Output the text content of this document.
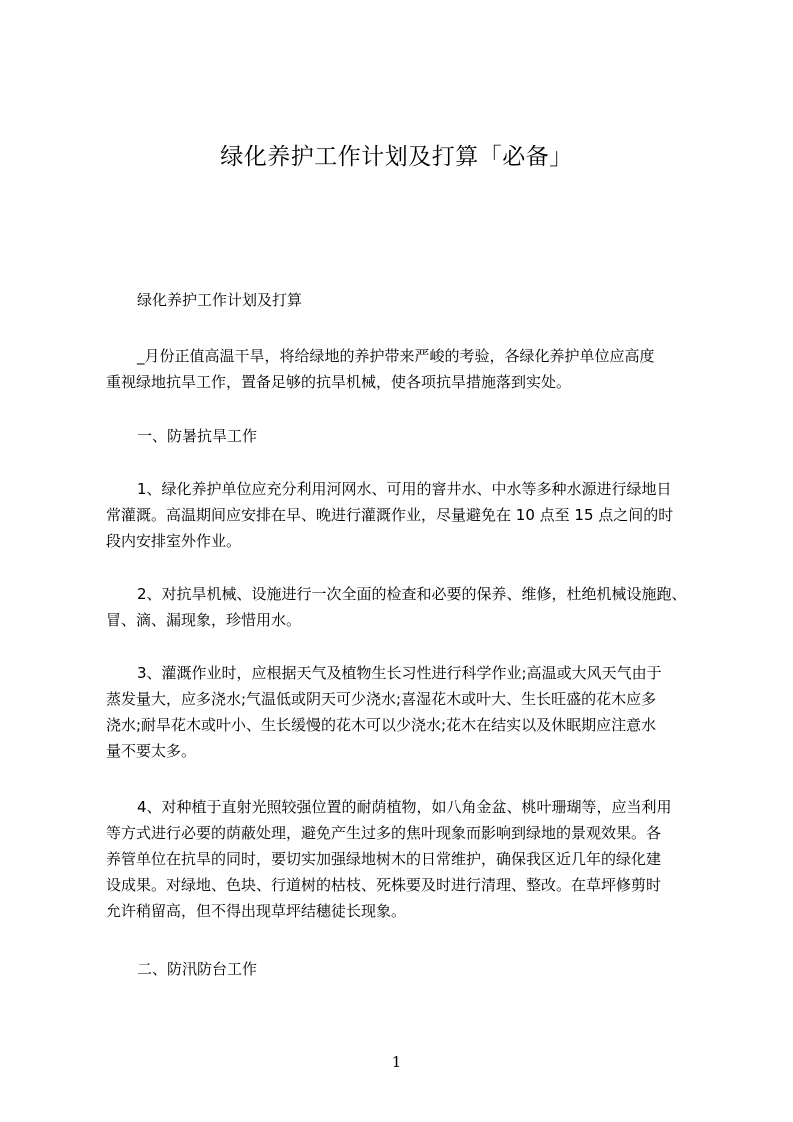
绿化养护工作计划及打算「必备」
绿化养护工作计划及打算
_月份正值高温干旱，将给绿地的养护带来严峻的考验，各绿化养护单位应高度
重视绿地抗旱工作，置备足够的抗旱机械，使各项抗旱措施落到实处。
一、防暑抗旱工作
1、绿化养护单位应充分利用河网水、可用的窨井水、中水等多种水源进行绿地日
常灌溉。高温期间应安排在早、晚进行灌溉作业，尽量避免在 10 点至 15 点之间的时
段内安排室外作业。
2、对抗旱机械、设施进行一次全面的检查和必要的保养、维修，杜绝机械设施跑、
冒、滴、漏现象，珍惜用水。
3、灌溉作业时，应根据天气及植物生长习性进行科学作业;高温或大风天气由于
蒸发量大，应多浇水;气温低或阴天可少浇水;喜湿花木或叶大、生长旺盛的花木应多
浇水;耐旱花木或叶小、生长缓慢的花木可以少浇水;花木在结实以及休眠期应注意水
量不要太多。
4、对种植于直射光照较强位置的耐荫植物，如八角金盆、桃叶珊瑚等，应当利用
等方式进行必要的荫蔽处理，避免产生过多的焦叶现象而影响到绿地的景观效果。各
养管单位在抗旱的同时，要切实加强绿地树木的日常维护，确保我区近几年的绿化建
设成果。对绿地、色块、行道树的枯枝、死株要及时进行清理、整改。在草坪修剪时
允许稍留高，但不得出现草坪结穗徒长现象。
二、防汛防台工作
1
